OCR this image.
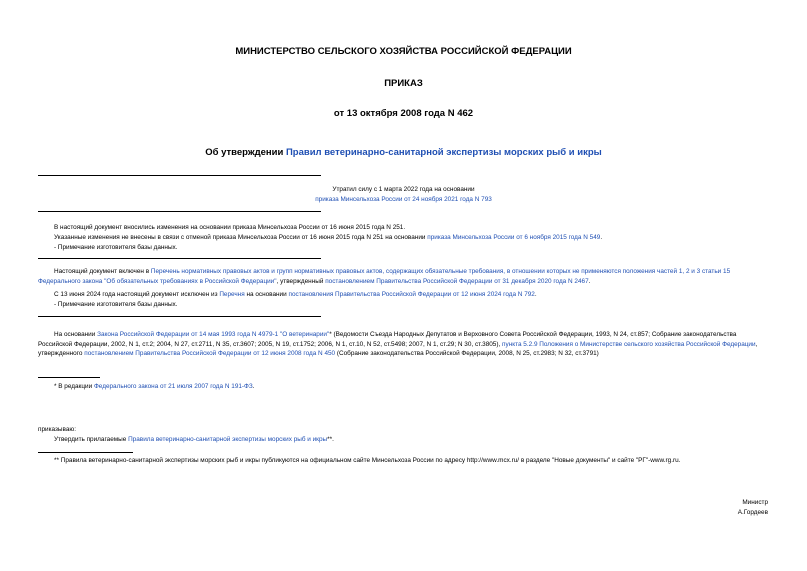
МИНИСТЕРСТВО СЕЛЬСКОГО ХОЗЯЙСТВА РОССИЙСКОЙ ФЕДЕРАЦИИ
ПРИКАЗ
от 13 октября 2008 года N 462
Об утверждении Правил ветеринарно-санитарной экспертизы морских рыб и икры
Утратил силу с 1 марта 2022 года на основании
приказа Минсельхоза России от 24 ноября 2021 года N 793
В настоящий документ вносились изменения на основании приказа Минсельхоза России от 16 июня 2015 года N 251.
Указанные изменения не внесены в связи с отменой приказа Минсельхоза России от 16 июня 2015 года N 251 на основании приказа Минсельхоза России от 6 ноября 2015 года N 549.
- Примечание изготовителя базы данных.
Настоящий документ включен в Перечень нормативных правовых актов и групп нормативных правовых актов, содержащих обязательные требования, в отношении которых не применяются положения частей 1, 2 и 3 статьи 15 Федерального закона "Об обязательных требованиях в Российской Федерации", утвержденный постановлением Правительства Российской Федерации от 31 декабря 2020 года N 2467.
С 13 июня 2024 года настоящий документ исключен из Перечня на основании постановления Правительства Российской Федерации от 12 июня 2024 года N 792.
- Примечание изготовителя базы данных.
На основании Закона Российской Федерации от 14 мая 1993 года N 4979-1 "О ветеринарии"* (Ведомости Съезда Народных Депутатов и Верховного Совета Российской Федерации, 1993, N 24, ст.857; Собрание законодательства Российской Федерации, 2002, N 1, ст.2; 2004, N 27, ст.2711, N 35, ст.3607; 2005, N 19, ст.1752; 2006, N 1, ст.10, N 52, ст.5498; 2007, N 1, ст.29; N 30, ст.3805), пункта 5.2.9 Положения о Министерстве сельского хозяйства Российской Федерации, утвержденного постановлением Правительства Российской Федерации от 12 июня 2008 года N 450 (Собрание законодательства Российской Федерации, 2008, N 25, ст.2983; N 32, ст.3791)
* В редакции Федерального закона от 21 июля 2007 года N 191-ФЗ.
приказываю:
Утвердить прилагаемые Правила ветеринарно-санитарной экспертизы морских рыб и икры**.
** Правила ветеринарно-санитарной экспертизы морских рыб и икры публикуются на официальном сайте Минсельхоза России по адресу http://www.mcx.ru/ в разделе "Новые документы" и сайте "РГ"-www.rg.ru.
Министр
А.Гордеев
